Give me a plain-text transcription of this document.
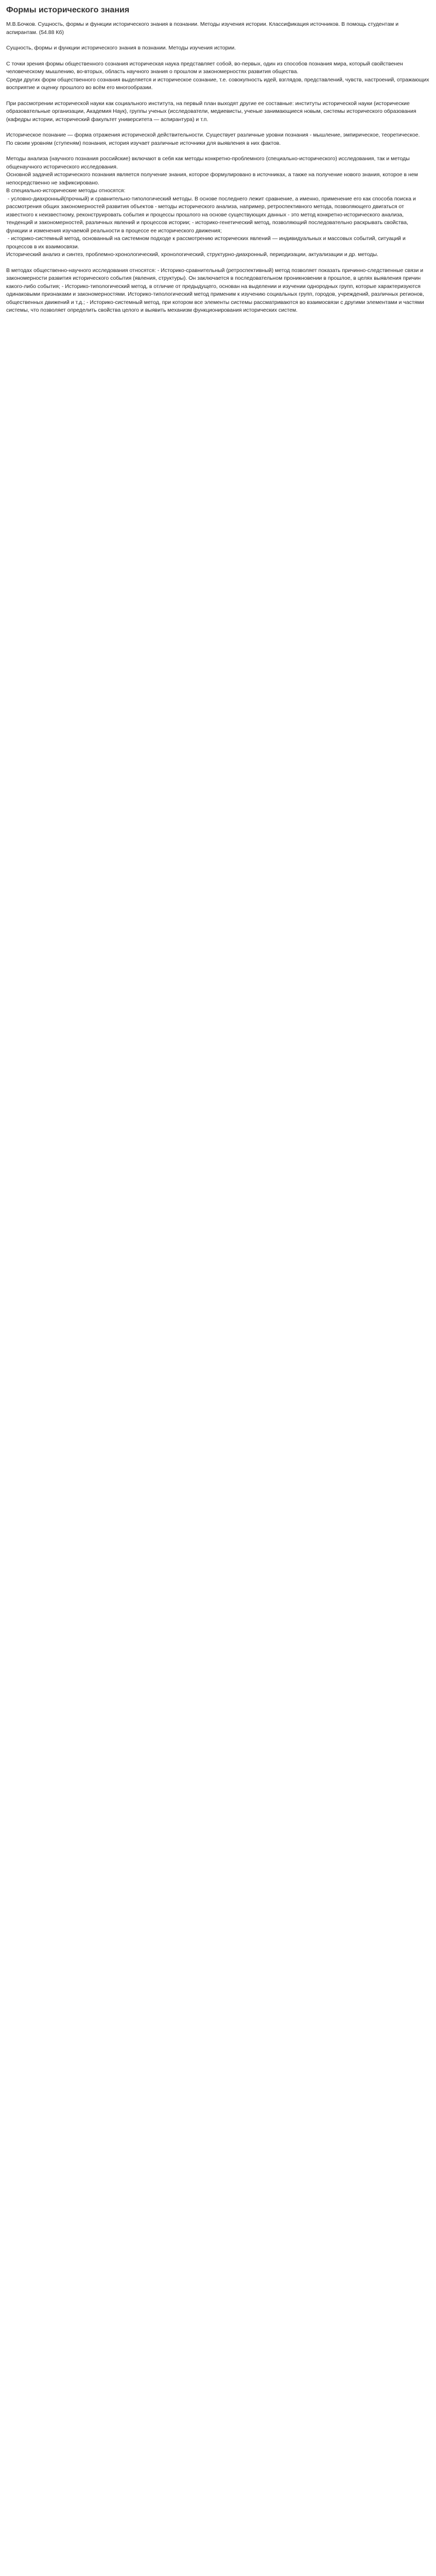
Формы исторического знания
М.В.Бочков. Сущность, формы и функции исторического знания в познании. Методы изучения истории. Классификация источников. В помощь студентам и аспирантам. (54.88 Кб)
Сущность, формы и функции исторического знания в познании. Методы изучения истории.
С точки зрения формы общественного сознания историческая наука представляет собой, во-первых, один из способов познания мира, который свойственен человеческому мышлению, во-вторых, область научного знания о прошлом и закономерностях развития общества.
Среди других форм общественного сознания выделяется и историческое сознание, т.е. совокупность идей, взглядов, представлений, чувств, настроений, отражающих восприятие и оценку прошлого во всём его многообразии.
При рассмотрении исторической науки как социального института, на первый план выходят другие ее составные: институты исторической науки (исторические образовательные организации, Академия Наук), группы ученых (исследователи, медиевисты, ученые занимающиеся новым, системы исторического образования (кафедры истории, исторический факультет университета — аспирантура) и т.п.
Историческое познание — форма отражения исторической действительности. Существует различные уровни познания - мышление, эмпирическое, теоретическое.
По своим уровням (ступеням) познания, история изучает различные источники для выявления в них фактов.
Методы анализа (научного познания российские) включают в себя как методы конкретно-проблемного (специально-исторического) исследования, так и методы общенаучного исторического исследования.
Основной задачей исторического познания является получение знания, которое формулировано в источниках, а также на получение нового знания, которое в нем непосредственно не зафиксировано.
В специально-исторические методы относятся:
- условно-диахронный(прочный) и сравнительно-типологический методы. В основе последнего лежит сравнение, а именно, применение его как способа поиска и рассмотрения общих закономерностей развития объектов - методы исторического анализа, например, ретроспективного метода, позволяющего двигаться от известного к неизвестному, реконструировать события и процессы прошлого на основе существующих данных - это метод конкретно-исторического анализа, тенденций и закономерностей, различных явлений и процессов истории; - историко-генетический метод, позволяющий последовательно раскрывать свойства, функции и изменения изучаемой реальности в процессе ее исторического движения;
- историко-системный метод, основанный на системном подходе к рассмотрению исторических явлений — индивидуальных и массовых событий, ситуаций и процессов в их взаимосвязи.
Исторический анализ и синтез, проблемно-хронологический, хронологический, структурно-диахронный, периодизации, актуализации и др. методы.
В методах общественно-научного исследования относятся: - Историко-сравнительный (ретроспективный) метод позволяет показать причинно-следственные связи и закономерности развития исторического события (явления, структуры). Он заключается в последовательном проникновении в прошлое, в целях выявления причин какого-либо события; - Историко-типологический метод, в отличие от предыдущего, основан на выделении и изучении однородных групп, которые характеризуются одинаковыми признаками и закономерностями. Историко-типологический метод применим к изучению социальных групп, городов, учреждений, различных регионов, общественных движений и т.д.; - Историко-системный метод, при котором все элементы системы рассматриваются во взаимосвязи с другими элементами и частями системы, что позволяет определить свойства целого и выявить механизм функционирования исторических систем.
